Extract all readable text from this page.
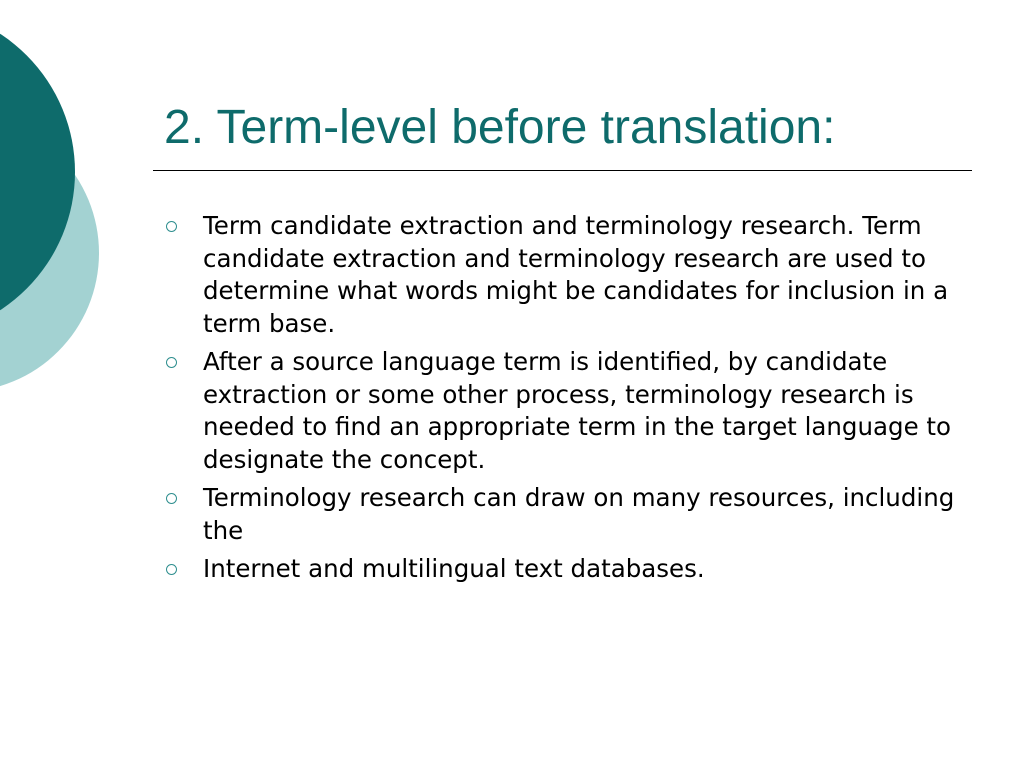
2. Term-level before translation:
Term candidate extraction and terminology research. Term candidate extraction and terminology research are used to determine what words might be candidates for inclusion in a term base.
After a source language term is identified, by candidate extraction or some other process, terminology research is needed to find an appropriate term in the target language to designate the concept.
Terminology research can draw on many resources, including the
Internet and multilingual text databases.
